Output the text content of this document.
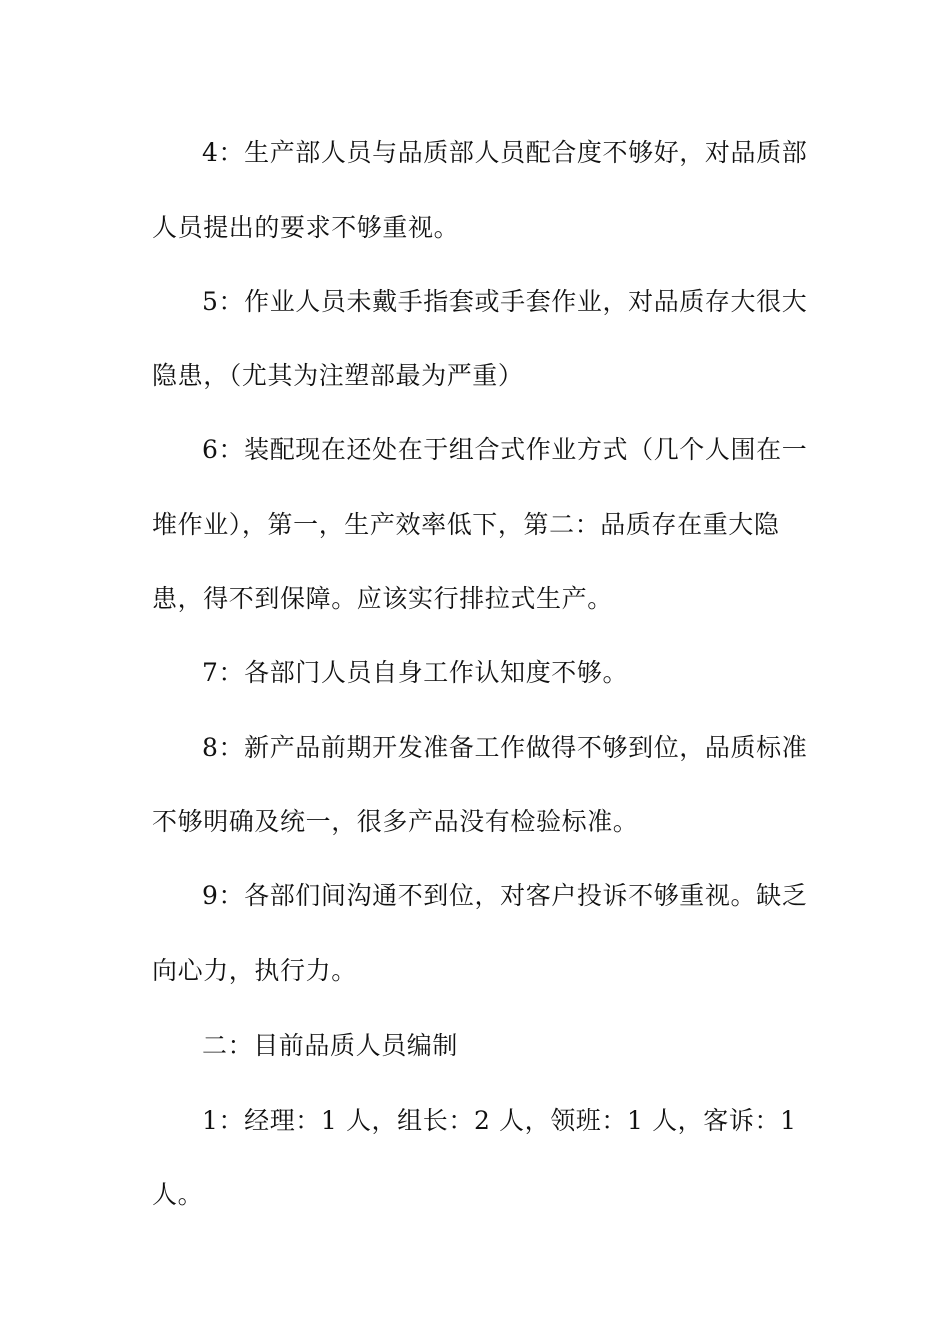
4：生产部人员与品质部人员配合度不够好，对品质部
人员提出的要求不够重视。
5：作业人员未戴手指套或手套作业，对品质存大很大
隐患，（尤其为注塑部最为严重）
6：装配现在还处在于组合式作业方式（几个人围在一
堆作业），第一，生产效率低下，第二：品质存在重大隐
患，得不到保障。应该实行排拉式生产。
7：各部门人员自身工作认知度不够。
8：新产品前期开发准备工作做得不够到位，品质标准
不够明确及统一，很多产品没有检验标准。
9：各部们间沟通不到位，对客户投诉不够重视。缺乏
向心力，执行力。
二：目前品质人员编制
1：经理：1 人，组长：2 人，领班：1 人，客诉：1
人。
